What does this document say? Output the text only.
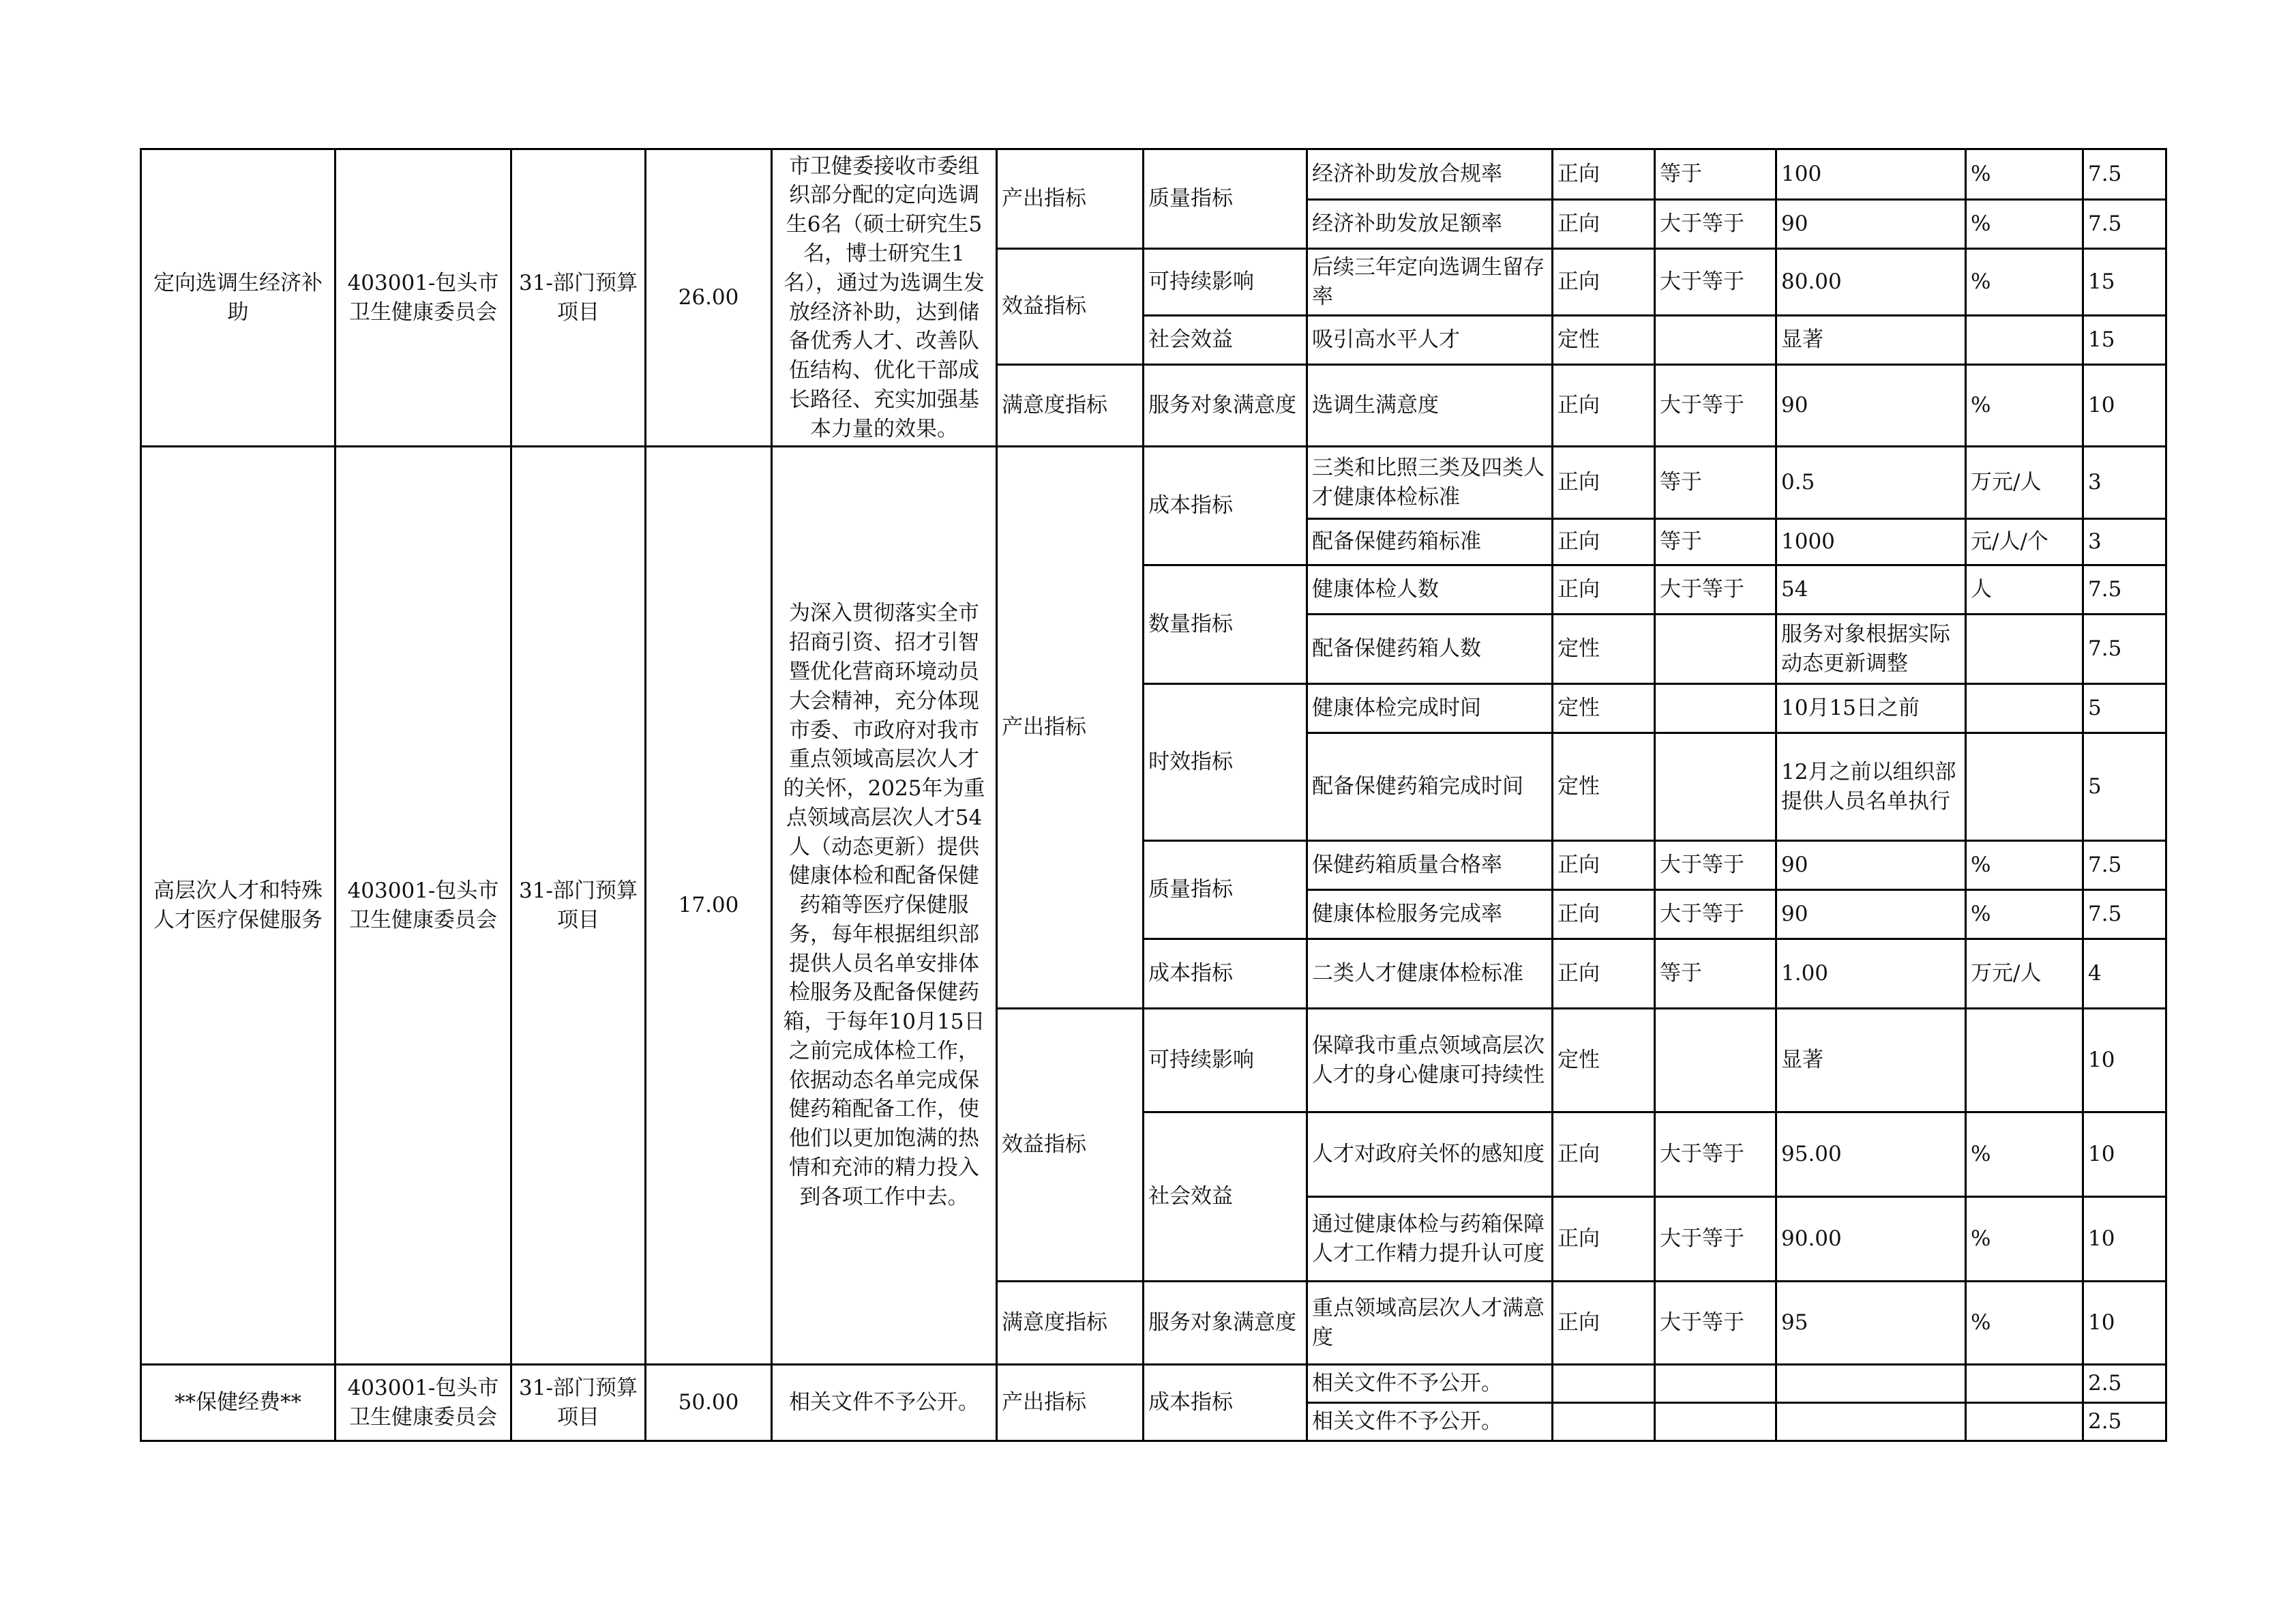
定向选调生经济补助	403001-包头市卫生健康委员会	31-部门预算项目	26.00	市卫健委接收市委组织部分配的定向选调生6名（硕士研究生5名，博士研究生1名），通过为选调生发放经济补助，达到储备优秀人才、改善队伍结构、优化干部成长路径、充实加强基本力量的效果。	产出指标	质量指标	经济补助发放合规率	正向	等于	100	%	7.5
							经济补助发放足额率	正向	大于等于	90	%	7.5
					效益指标	可持续影响	后续三年定向选调生留存率	正向	大于等于	80.00	%	15
						社会效益	吸引高水平人才	定性		显著		15
					满意度指标	服务对象满意度	选调生满意度	正向	大于等于	90	%	10
高层次人才和特殊人才医疗保健服务	403001-包头市卫生健康委员会	31-部门预算项目	17.00	为深入贯彻落实全市招商引资、招才引智暨优化营商环境动员大会精神，充分体现市委、市政府对我市重点领域高层次人才的关怀，2025年为重点领域高层次人才54人（动态更新）提供健康体检和配备保健药箱等医疗保健服务，每年根据组织部提供人员名单安排体检服务及配备保健药箱，于每年10月15日之前完成体检工作，依据动态名单完成保健药箱配备工作，使他们以更加饱满的热情和充沛的精力投入到各项工作中去。	产出指标	成本指标	三类和比照三类及四类人才健康体检标准	正向	等于	0.5	万元/人	3
							配备保健药箱标准	正向	等于	1000	元/人/个	3
						数量指标	健康体检人数	正向	大于等于	54	人	7.5
							配备保健药箱人数	定性		服务对象根据实际动态更新调整		7.5
						时效指标	健康体检完成时间	定性		10月15日之前		5
							配备保健药箱完成时间	定性		12月之前以组织部提供人员名单执行		5
						质量指标	保健药箱质量合格率	正向	大于等于	90	%	7.5
							健康体检服务完成率	正向	大于等于	90	%	7.5
						成本指标	二类人才健康体检标准	正向	等于	1.00	万元/人	4
					效益指标	可持续影响	保障我市重点领域高层次人才的身心健康可持续性	定性		显著		10
						社会效益	人才对政府关怀的感知度	正向	大于等于	95.00	%	10
							通过健康体检与药箱保障人才工作精力提升认可度	正向	大于等于	90.00	%	10
					满意度指标	服务对象满意度	重点领域高层次人才满意度	正向	大于等于	95	%	10
**保健经费**	403001-包头市卫生健康委员会	31-部门预算项目	50.00	相关文件不予公开。	产出指标	成本指标	相关文件不予公开。					2.5
							相关文件不予公开。					2.5
